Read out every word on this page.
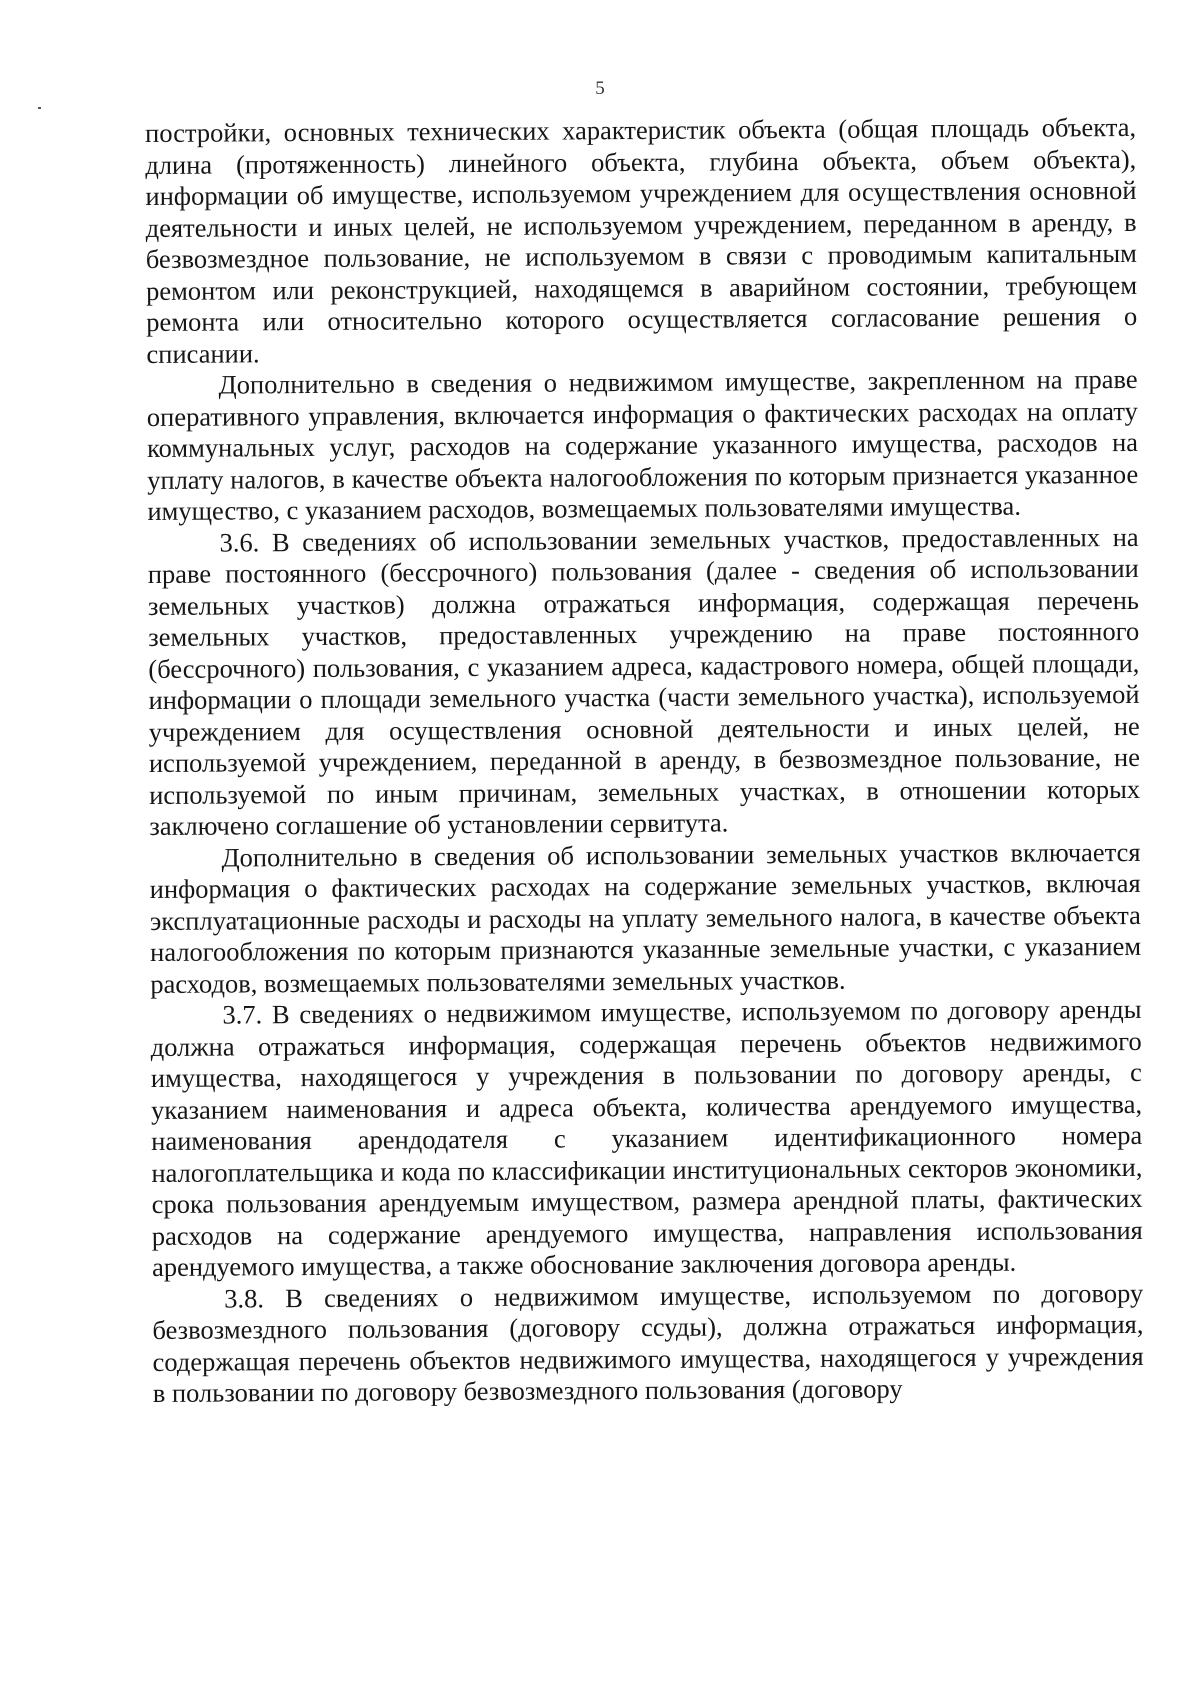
5

постройки, основных технических характеристик объекта (общая площадь объекта, длина (протяженность) линейного объекта, глубина объекта, объем объекта), информации об имуществе, используемом учреждением для осуществления основной деятельности и иных целей, не используемом учреждением, переданном в аренду, в безвозмездное пользование, не используемом в связи с проводимым капитальным ремонтом или реконструкцией, находящемся в аварийном состоянии, требующем ремонта или относительно которого осуществляется согласование решения о списании.

Дополнительно в сведения о недвижимом имуществе, закрепленном на праве оперативного управления, включается информация о фактических расходах на оплату коммунальных услуг, расходов на содержание указанного имущества, расходов на уплату налогов, в качестве объекта налогообложения по которым признается указанное имущество, с указанием расходов, возмещаемых пользователями имущества.

3.6. В сведениях об использовании земельных участков, предоставленных на праве постоянного (бессрочного) пользования (далее - сведения об использовании земельных участков) должна отражаться информация, содержащая перечень земельных участков, предоставленных учреждению на праве постоянного (бессрочного) пользования, с указанием адреса, кадастрового номера, общей площади, информации о площади земельного участка (части земельного участка), используемой учреждением для осуществления основной деятельности и иных целей, не используемой учреждением, переданной в аренду, в безвозмездное пользование, не используемой по иным причинам, земельных участках, в отношении которых заключено соглашение об установлении сервитута.

Дополнительно в сведения об использовании земельных участков включается информация о фактических расходах на содержание земельных участков, включая эксплуатационные расходы и расходы на уплату земельного налога, в качестве объекта налогообложения по которым признаются указанные земельные участки, с указанием расходов, возмещаемых пользователями земельных участков.

3.7. В сведениях о недвижимом имуществе, используемом по договору аренды должна отражаться информация, содержащая перечень объектов недвижимого имущества, находящегося у учреждения в пользовании по договору аренды, с указанием наименования и адреса объекта, количества арендуемого имущества, наименования арендодателя с указанием идентификационного номера налогоплательщика и кода по классификации институциональных секторов экономики, срока пользования арендуемым имуществом, размера арендной платы, фактических расходов на содержание арендуемого имущества, направления использования арендуемого имущества, а также обоснование заключения договора аренды.

3.8. В сведениях о недвижимом имуществе, используемом по договору безвозмездного пользования (договору ссуды), должна отражаться информация, содержащая перечень объектов недвижимого имущества, находящегося у учреждения в пользовании по договору безвозмездного пользования (договору
